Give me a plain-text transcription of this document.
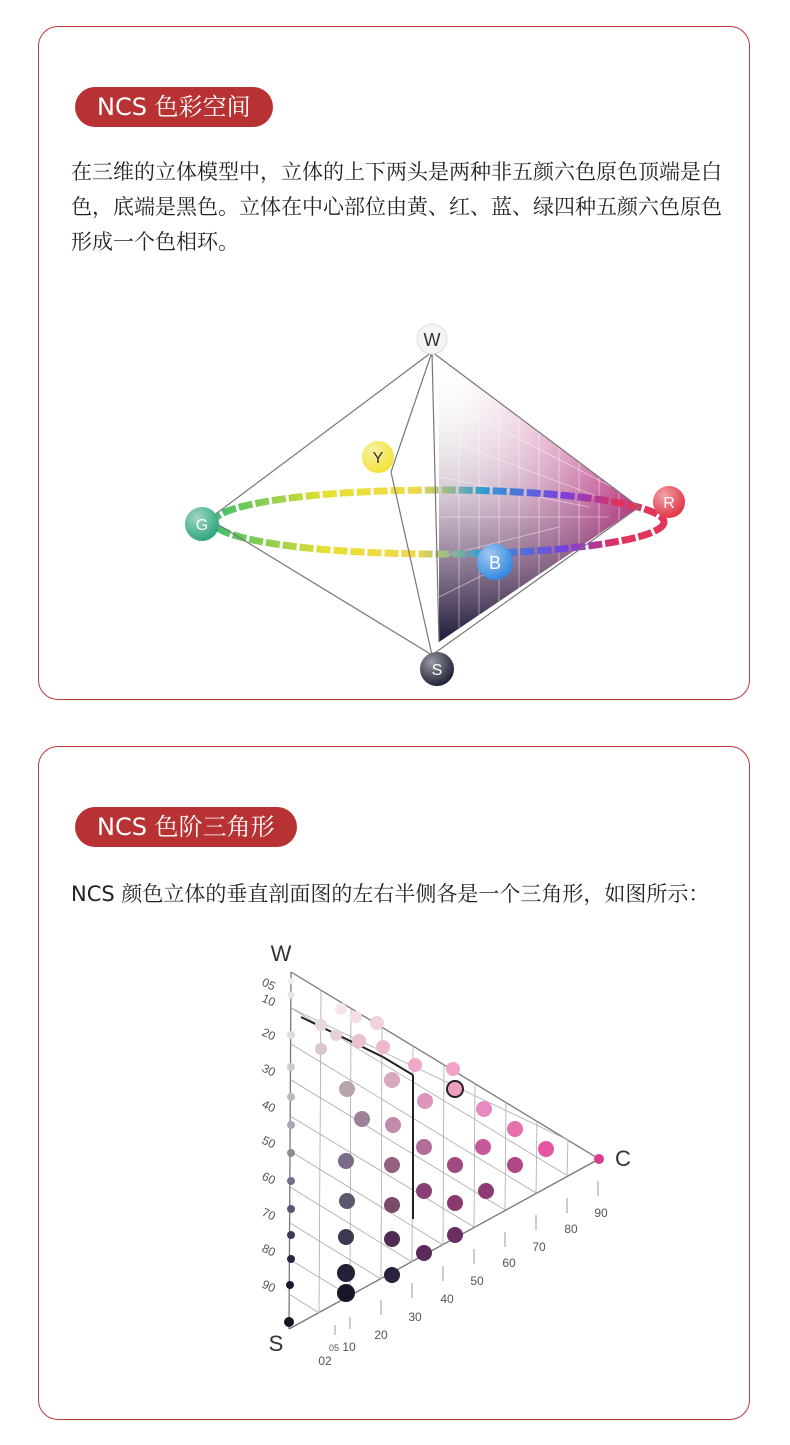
NCS 色彩空间

在三维的立体模型中，立体的上下两头是两种非五颜六色原色顶端是白色，底端是黑色。立体在中心部位由黄、红、蓝、绿四种五颜六色原色形成一个色相环。

W
Y
R
G
B
S
NCS 色阶三角形

NCS 颜色立体的垂直剖面图的左右半侧各是一个三角形，如图所示：

W
C
S
05
10
20
30
40
50
60
70
80
90
02
05 10
20
30
40
50
60
70
80
90
